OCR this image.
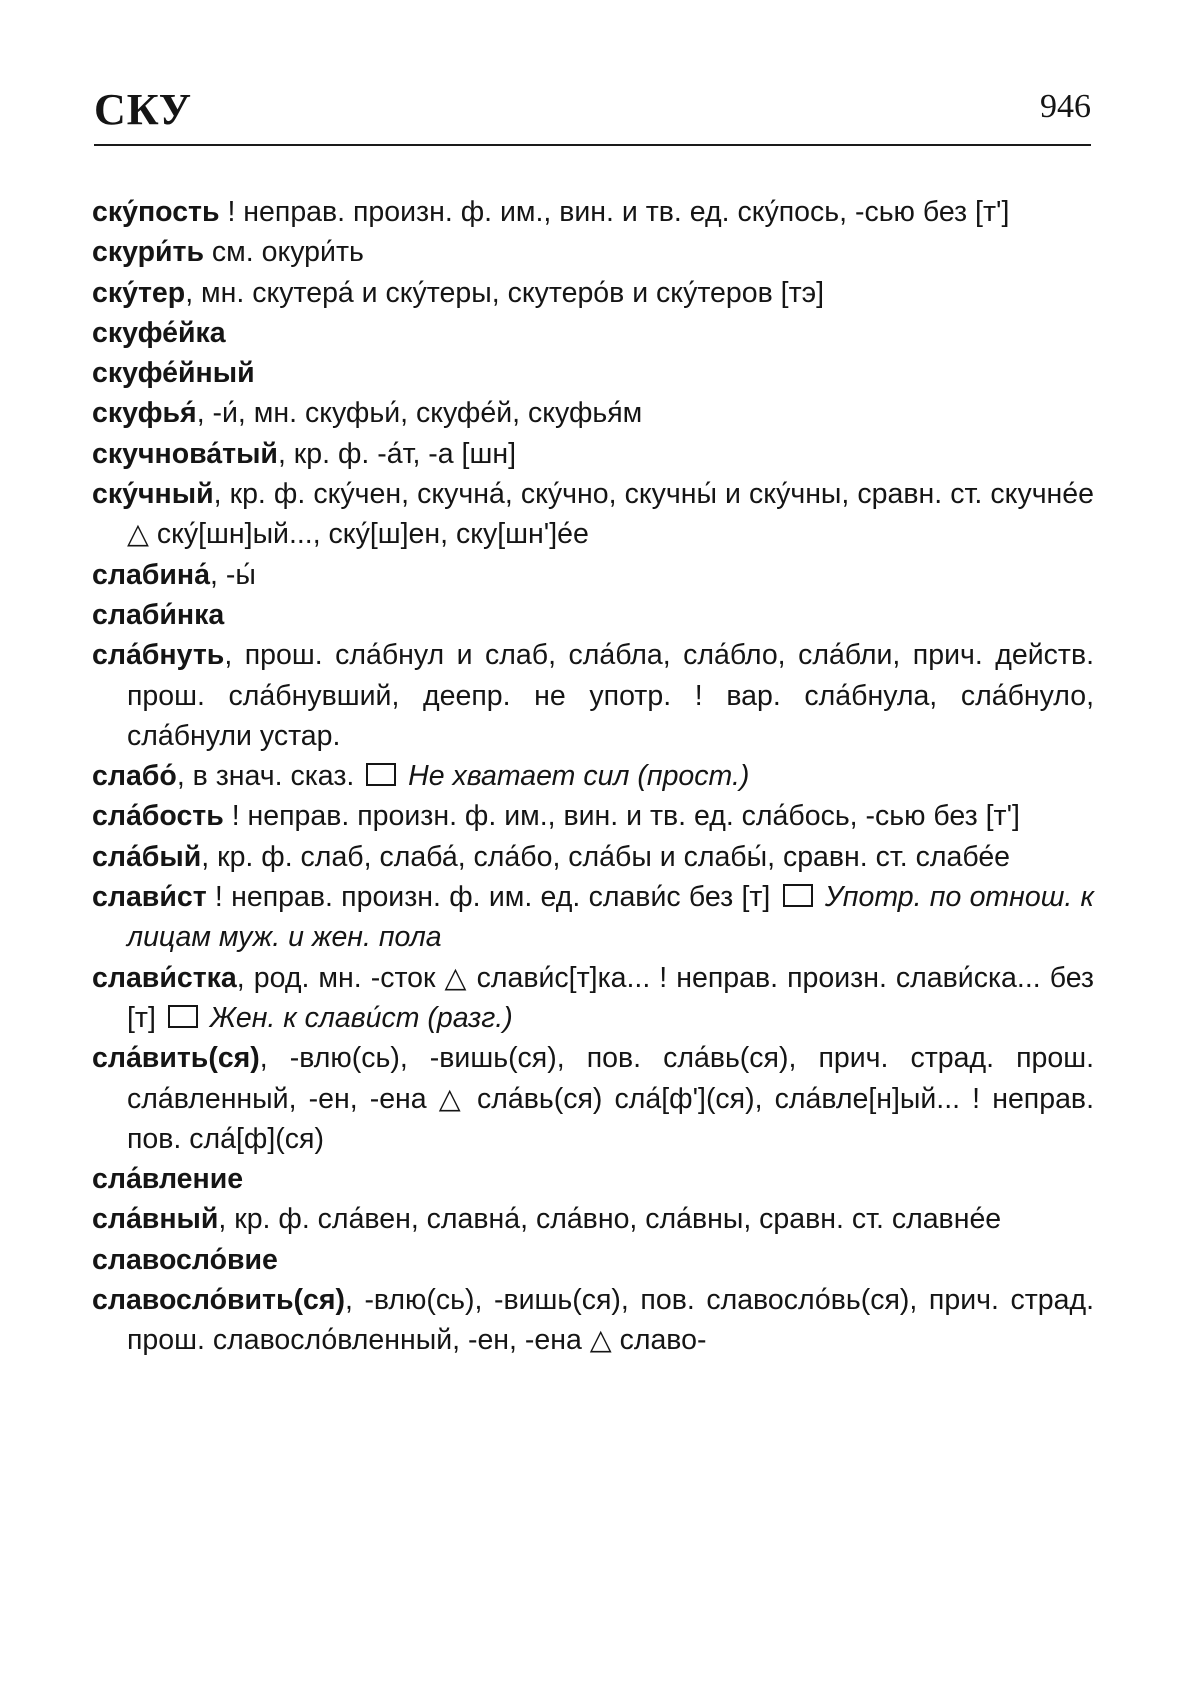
СКУ	946
ску́пость ! неправ. произн. ф. им., вин. и тв. ед. ску́пось, -сью без [т']
скури́ть см. окури́ть
ску́тер, мн. скутера́ и ску́теры, скутеро́в и ску́теров [тэ]
скуфе́йка
скуфе́йный
скуфья́, -и́, мн. скуфьи́, скуфе́й, скуфья́м
скучнова́тый, кр. ф. -а́т, -а [шн]
ску́чный, кр. ф. ску́чен, скучна́, ску́чно, скучны́ и ску́чны, сравн. ст. скучне́е △ ску́[шн]ый..., ску́[ш]ен, ску[шн']е́е
слабина́, -ы́
слаби́нка
сла́бнуть, прош. сла́бнул и слаб, сла́бла, сла́бло, сла́бли, прич. действ. прош. сла́бнувший, деепр. не употр. ! вар. сла́бнула, сла́бнуло, сла́бнули устар.
слабо́, в знач. сказ. Не хватает сил (прост.)
сла́бость ! неправ. произн. ф. им., вин. и тв. ед. сла́бось, -сью без [т']
сла́бый, кр. ф. слаб, слаба́, сла́бо, сла́бы и слабы́, сравн. ст. слабе́е
слави́ст ! неправ. произн. ф. им. ед. слави́с без [т] Употр. по отнош. к лицам муж. и жен. пола
слави́стка, род. мн. -сток △ слави́с[т]ка... ! неправ. произн. слави́ска... без [т] Жен. к слави́ст (разг.)
сла́вить(ся), -влю(сь), -вишь(ся), пов. сла́вь(ся), прич. страд. прош. сла́вленный, -ен, -ена △ сла́вь(ся) сла́[ф'](ся), сла́вле[н]ый... ! неправ. пов. сла́[ф](ся)
сла́вление
сла́вный, кр. ф. сла́вен, славна́, сла́вно, сла́вны, сравн. ст. славне́е
славосло́вие
славосло́вить(ся), -влю(сь), -вишь(ся), пов. славосло́вь(ся), прич. страд. прош. славосло́вленный, -ен, -ена △ славо-
